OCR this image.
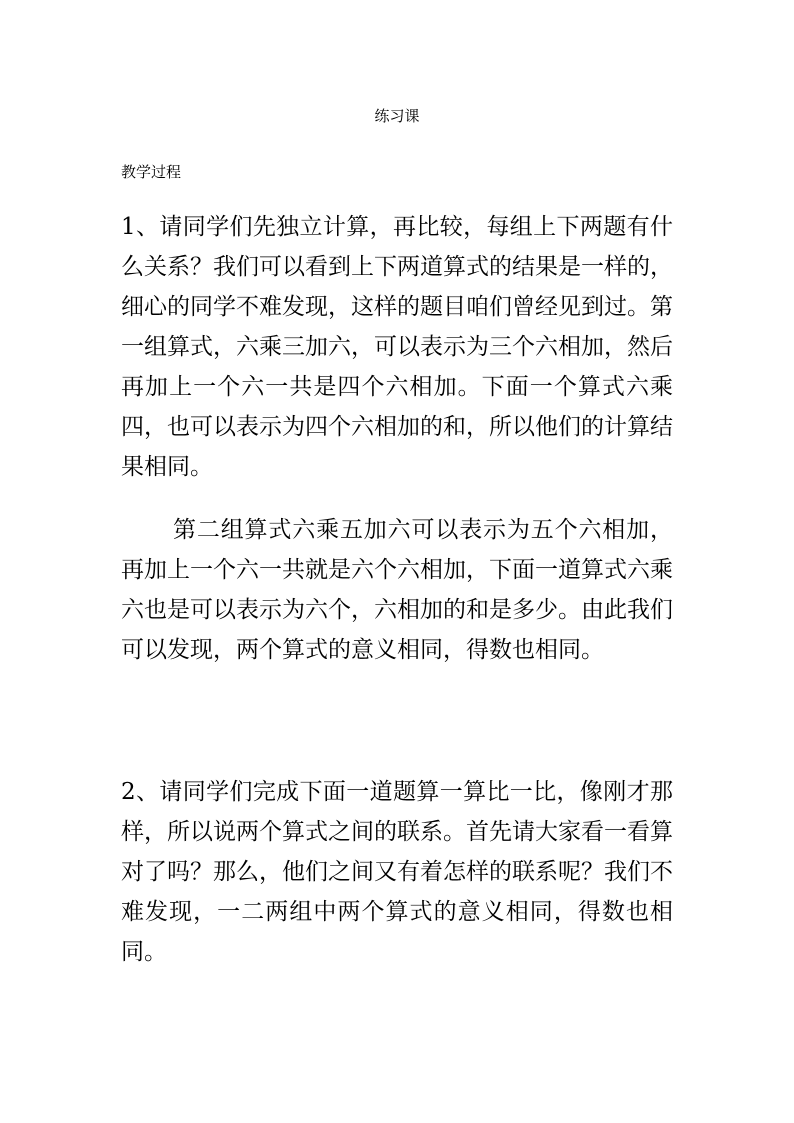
练习课
教学过程

1、请同学们先独立计算，再比较，每组上下两题有什么关系？我们可以看到上下两道算式的结果是一样的，细心的同学不难发现，这样的题目咱们曾经见到过。第一组算式，六乘三加六，可以表示为三个六相加，然后再加上一个六一共是四个六相加。下面一个算式六乘四，也可以表示为四个六相加的和，所以他们的计算结果相同。

第二组算式六乘五加六可以表示为五个六相加，再加上一个六一共就是六个六相加，下面一道算式六乘六也是可以表示为六个，六相加的和是多少。由此我们可以发现，两个算式的意义相同，得数也相同。

2、请同学们完成下面一道题算一算比一比，像刚才那样，所以说两个算式之间的联系。首先请大家看一看算对了吗？那么，他们之间又有着怎样的联系呢？我们不难发现，一二两组中两个算式的意义相同，得数也相同。
